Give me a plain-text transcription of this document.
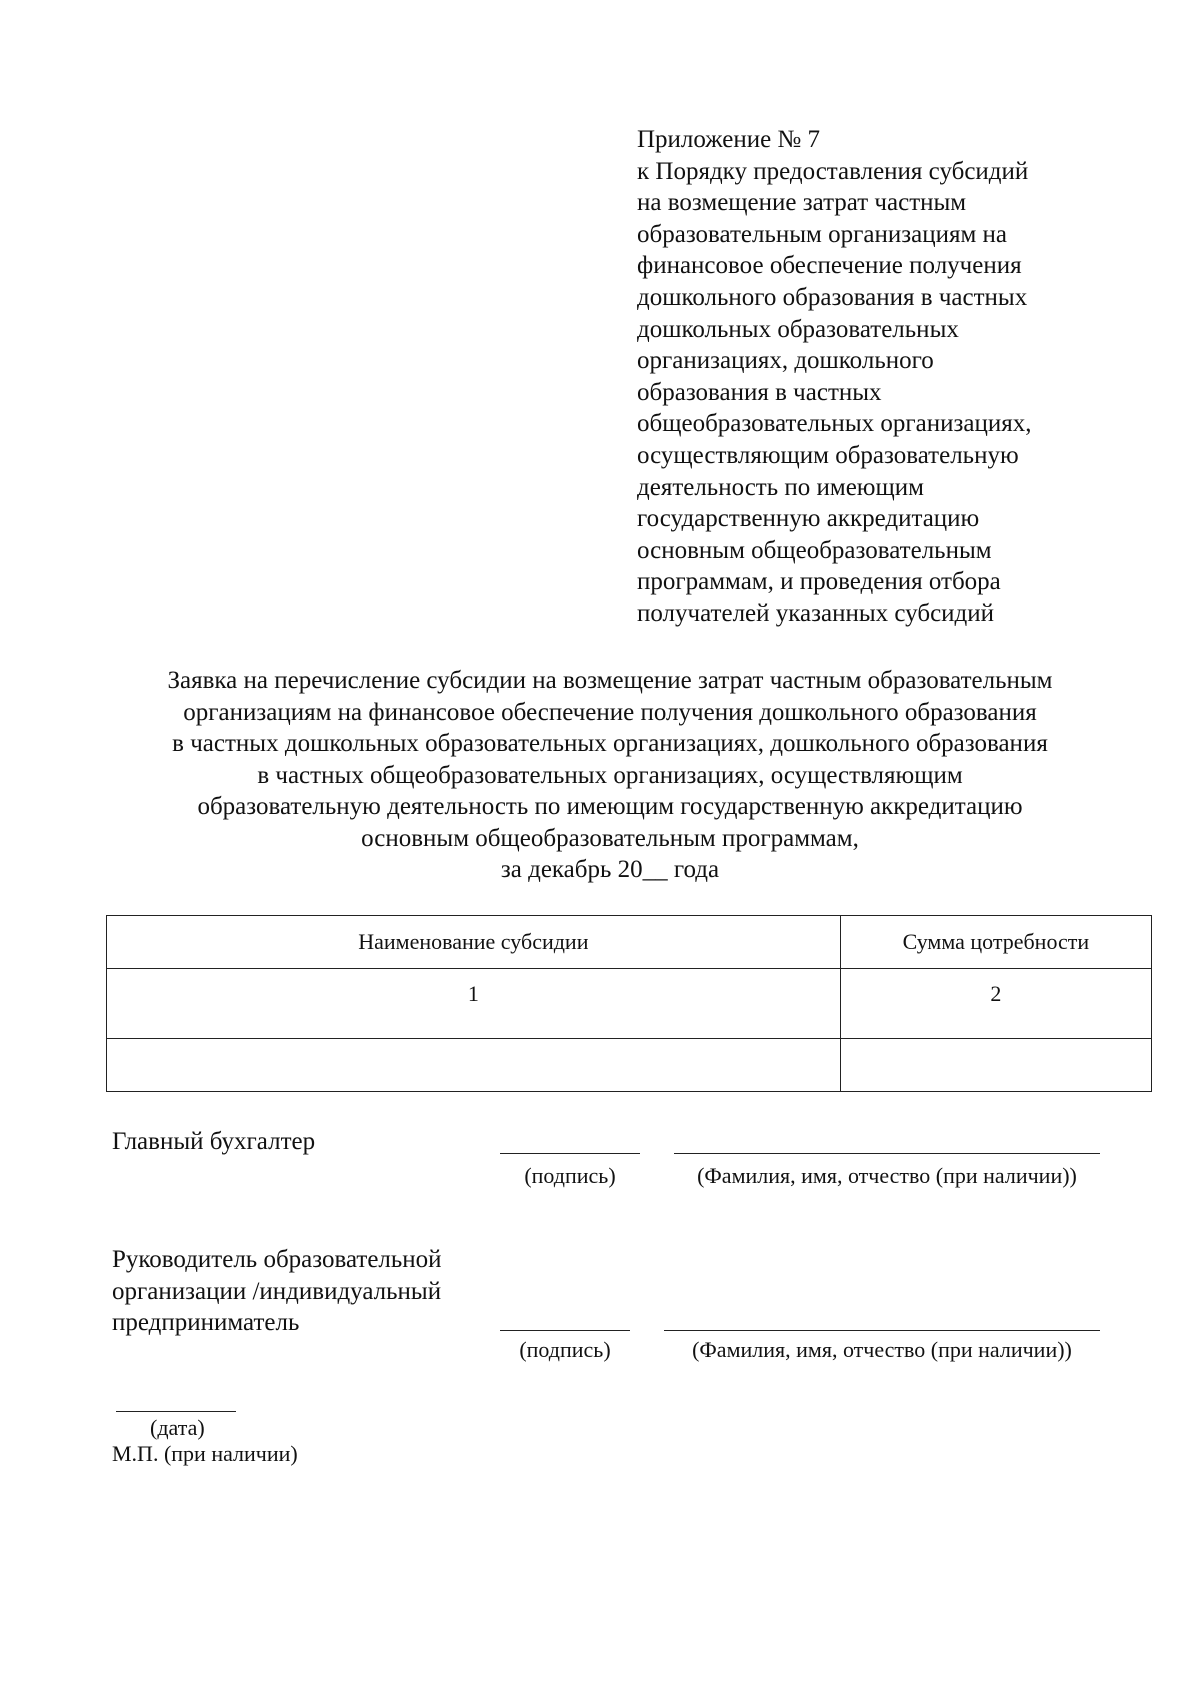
Приложение № 7
к Порядку предоставления субсидий
на возмещение затрат частным
образовательным организациям на
финансовое обеспечение получения
дошкольного образования в частных
дошкольных образовательных
организациях, дошкольного
образования в частных
общеобразовательных организациях,
осуществляющим образовательную
деятельность по имеющим
государственную аккредитацию
основным общеобразовательным
программам, и проведения отбора
получателей указанных субсидий
Заявка на перечисление субсидии на возмещение затрат частным образовательным
организациям на финансовое обеспечение получения дошкольного образования
в частных дошкольных образовательных организациях, дошкольного образования
в частных общеобразовательных организациях, осуществляющим
образовательную деятельность по имеющим государственную аккредитацию
основным общеобразовательным программам,
за декабрь 20__ года
Наименование субсидии	Сумма цотребности
1	2

Главный бухгалтер
(подпись)	(Фамилия, имя, отчество (при наличии))
Руководитель образовательной
организации /индивидуальный
предприниматель
(подпись)	(Фамилия, имя, отчество (при наличии))
(дата)
М.П. (при наличии)
